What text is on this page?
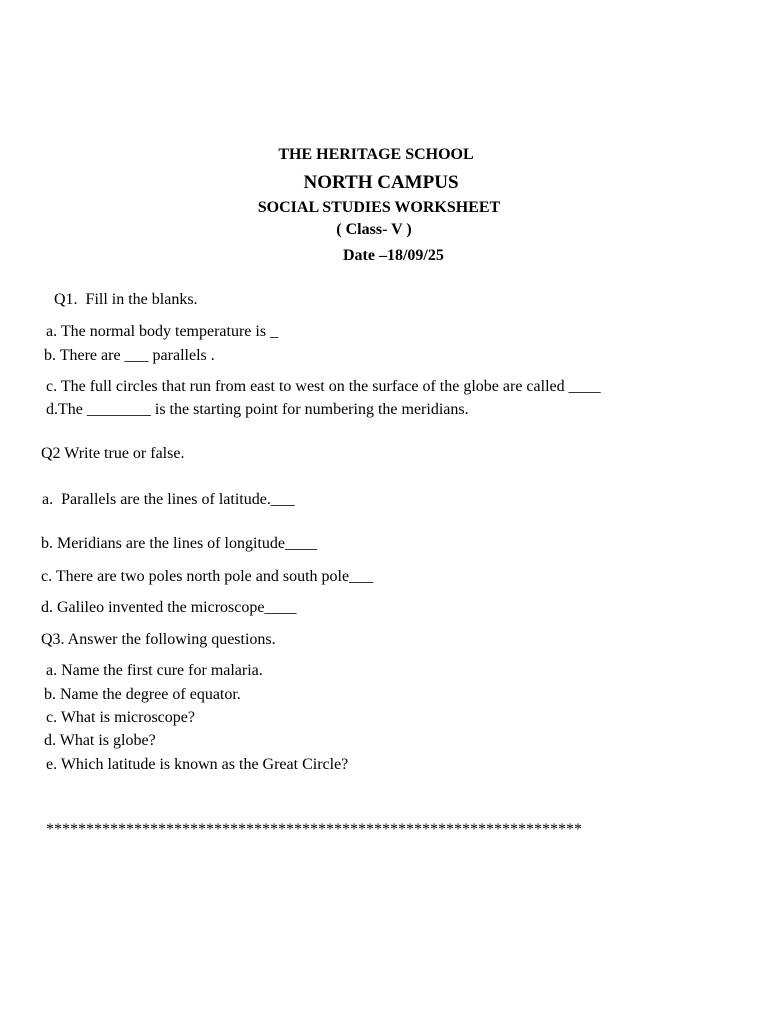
THE HERITAGE SCHOOL
NORTH CAMPUS
SOCIAL STUDIES WORKSHEET
( Class- V )
Date –18/09/25
Q1.  Fill in the blanks.
a. The normal body temperature is _
b. There are ___ parallels .
c. The full circles that run from east to west on the surface of the globe are called ____
d.The ________ is the starting point for numbering the meridians.
Q2 Write true or false.
a.  Parallels are the lines of latitude.___
b. Meridians are the lines of longitude____
c. There are two poles north pole and south pole___
d. Galileo invented the microscope____
Q3. Answer the following questions.
a. Name the first cure for malaria.
b. Name the degree of equator.
c. What is microscope?
d. What is globe?
e. Which latitude is known as the Great Circle?
*******************************************************************
